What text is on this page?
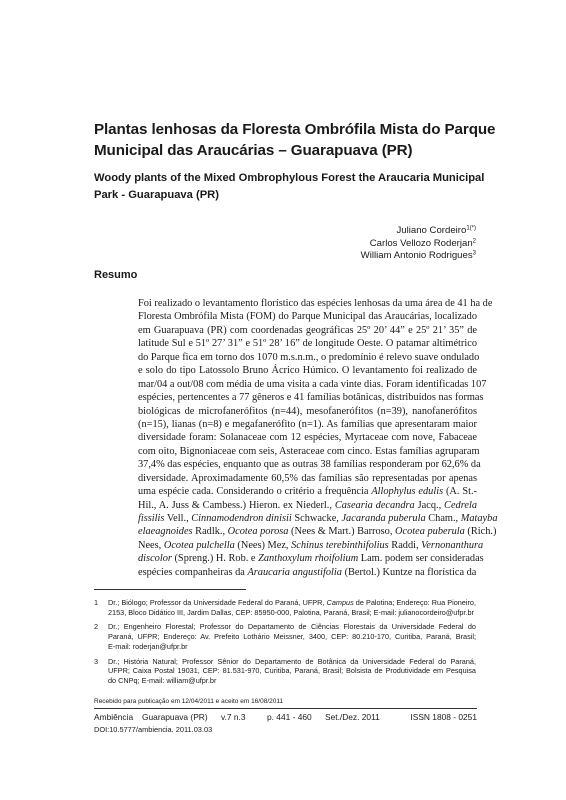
Plantas lenhosas da Floresta Ombrófila Mista do Parque
Municipal das Araucárias – Guarapuava (PR)
Woody plants of the Mixed Ombrophylous Forest the Araucaria Municipal
Park - Guarapuava (PR)
Juliano Cordeiro$^{1(*)}$
Carlos Vellozo Roderjan$^2$
William Antonio Rodrigues$^3$
Resumo
Foi realizado o levantamento florístico das espécies lenhosas da uma área de 41 ha de
Floresta Ombrófila Mista (FOM) do Parque Municipal das Araucárias, localizado
em Guarapuava (PR) com coordenadas geográficas 25º 20’ 44” e 25º 21’ 35” de
latitude Sul e 51º 27’ 31” e 51º 28’ 16” de longitude Oeste. O patamar altimétrico
do Parque fica em torno dos 1070 m.s.n.m., o predomínio é relevo suave ondulado
e solo do tipo Latossolo Bruno Ácrico Húmico. O levantamento foi realizado de
mar/04 a out/08 com média de uma visita a cada vinte dias. Foram identificadas 107
espécies, pertencentes a 77 gêneros e 41 famílias botânicas, distribuídos nas formas
biológicas de microfanerófitos (n=44), mesofanerófitos (n=39), nanofanerófitos
(n=15), lianas (n=8) e megafanerófito (n=1). As famílias que apresentaram maior
diversidade foram: Solanaceae com 12 espécies, Myrtaceae com nove, Fabaceae
com oito, Bignoniaceae com seis, Asteraceae com cinco. Estas famílias agruparam
37,4% das espécies, enquanto que as outras 38 famílias responderam por 62,6% da
diversidade. Aproximadamente 60,5% das famílias são representadas por apenas
uma espécie cada. Considerando o critério a frequência Allophylus edulis (A. St.-
Hil., A. Juss & Cambess.) Hieron. ex Niederl., Casearia decandra Jacq., Cedrela
fissilis Vell., Cinnamodendron dinisii Schwacke, Jacaranda puberula Cham., Matayba
elaeagnoides Radlk., Ocotea porosa (Nees & Mart.) Barroso, Ocotea puberula (Rich.)
Nees, Ocotea pulchella (Nees) Mez, Schinus terebinthifolius Raddi, Vernonanthura
discolor (Spreng.) H. Rob. e Zanthoxylum rhoifolium Lam. podem ser consideradas
espécies companheiras da Araucaria angustifolia (Bertol.) Kuntze na florística da
1 Dr.; Biólogo; Professor da Universidade Federal do Paraná, UFPR, Campus de Palotina; Endereço: Rua Pioneiro,
2153, Bloco Didático III, Jardim Dallas, CEP: 85950-000, Palotina, Paraná, Brasil; E-mail: julianocordeiro@ufpr.br
2 Dr.; Engenheiro Florestal; Professor do Departamento de Ciências Florestais da Universidade Federal do
Paraná, UFPR; Endereço: Av. Prefeito Lothário Meissner, 3400, CEP: 80.210-170, Curitiba, Paraná, Brasil;
E-mail: roderjan@ufpr.br
3 Dr.; História Natural; Professor Sênior do Departamento de Botânica da Universidade Federal do Paraná,
UFPR; Caixa Postal 19031, CEP: 81.531-970, Curitiba, Paraná, Brasil; Bolsista de Produtividade em Pesquisa
do CNPq; E-mail: william@ufpr.br
Recebido para publicação em 12/04/2011 e aceito em 16/08/2011
Ambiência Guarapuava (PR) v.7 n.3	p. 441 - 460 Set./Dez. 2011	ISSN 1808 - 0251
DOI:10.5777/ambiencia. 2011.03.03
